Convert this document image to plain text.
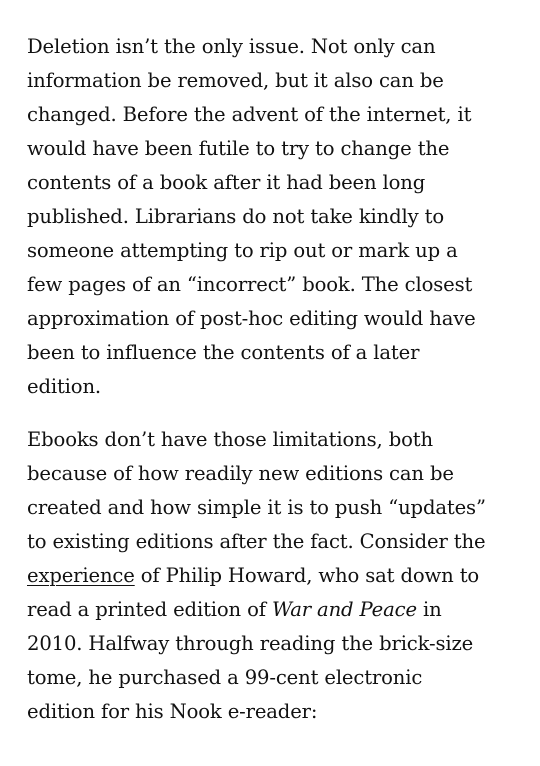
Deletion isn’t the only issue. Not only can
information be removed, but it also can be
changed. Before the advent of the internet, it
would have been futile to try to change the
contents of a book after it had been long
published. Librarians do not take kindly to
someone attempting to rip out or mark up a
few pages of an “incorrect” book. The closest
approximation of post-hoc editing would have
been to influence the contents of a later
edition.

Ebooks don’t have those limitations, both
because of how readily new editions can be
created and how simple it is to push “updates”
to existing editions after the fact. Consider the
experience of Philip Howard, who sat down to
read a printed edition of War and Peace in
2010. Halfway through reading the brick-size
tome, he purchased a 99-cent electronic
edition for his Nook e-reader:
